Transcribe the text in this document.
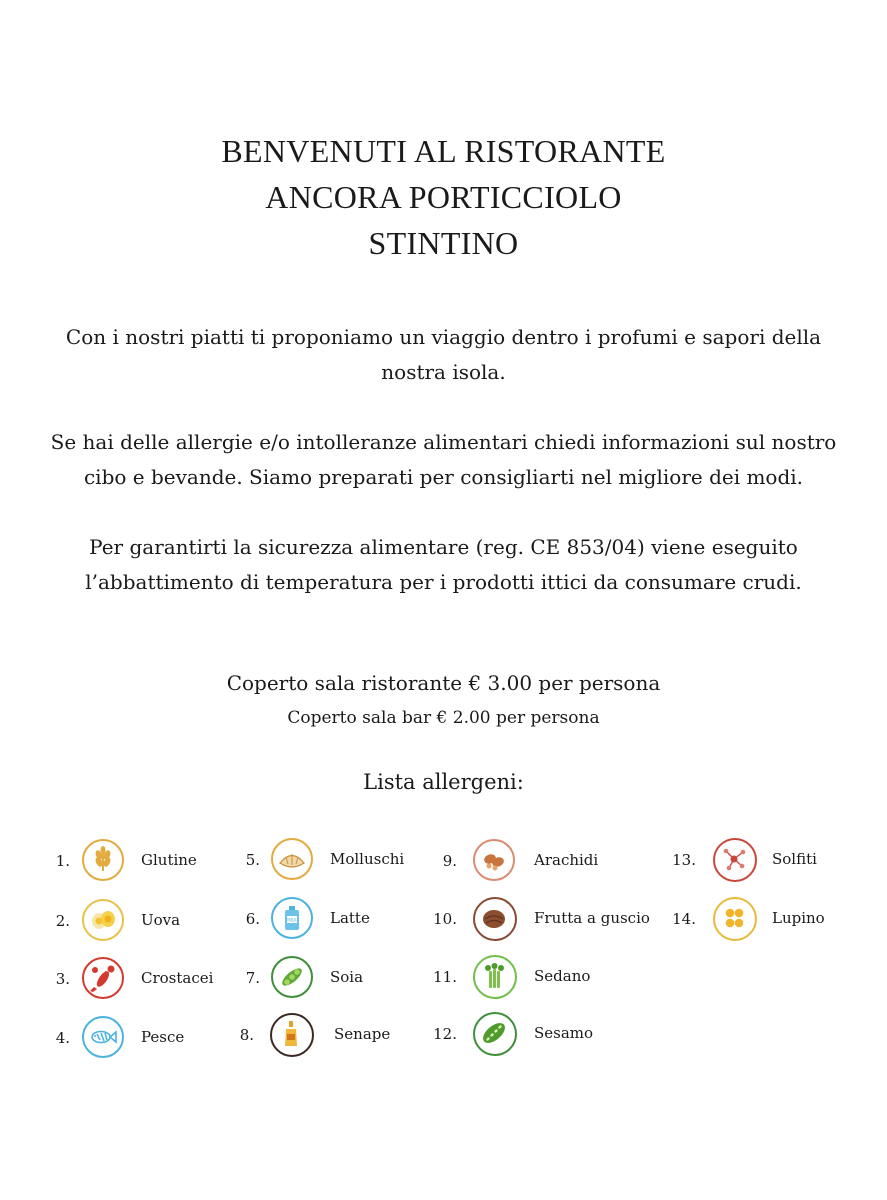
BENVENUTI AL RISTORANTE
ANCORA PORTICCIOLO
STINTINO

Con i nostri piatti ti proponiamo un viaggio dentro i profumi e sapori della nostra isola.

Se hai delle allergie e/o intolleranze alimentari chiedi informazioni sul nostro cibo e bevande. Siamo preparati per consigliarti nel migliore dei modi.

Per garantirti la sicurezza alimentare (reg. CE 853/04) viene eseguito l’abbattimento di temperatura per i prodotti ittici da consumare crudi.

Coperto sala ristorante € 3.00 per persona
Coperto sala bar € 2.00 per persona
Lista allergeni:
1.	Glutine
2.	Uova
3.	Crostacei
4.	Pesce
5.	Molluschi
6.	MILK Latte
7.	Soia
8.	Senape
9.	Arachidi
10.	Frutta a guscio
11.	Sedano
12.	Sesamo
13.	Solfiti
14.	Lupino
